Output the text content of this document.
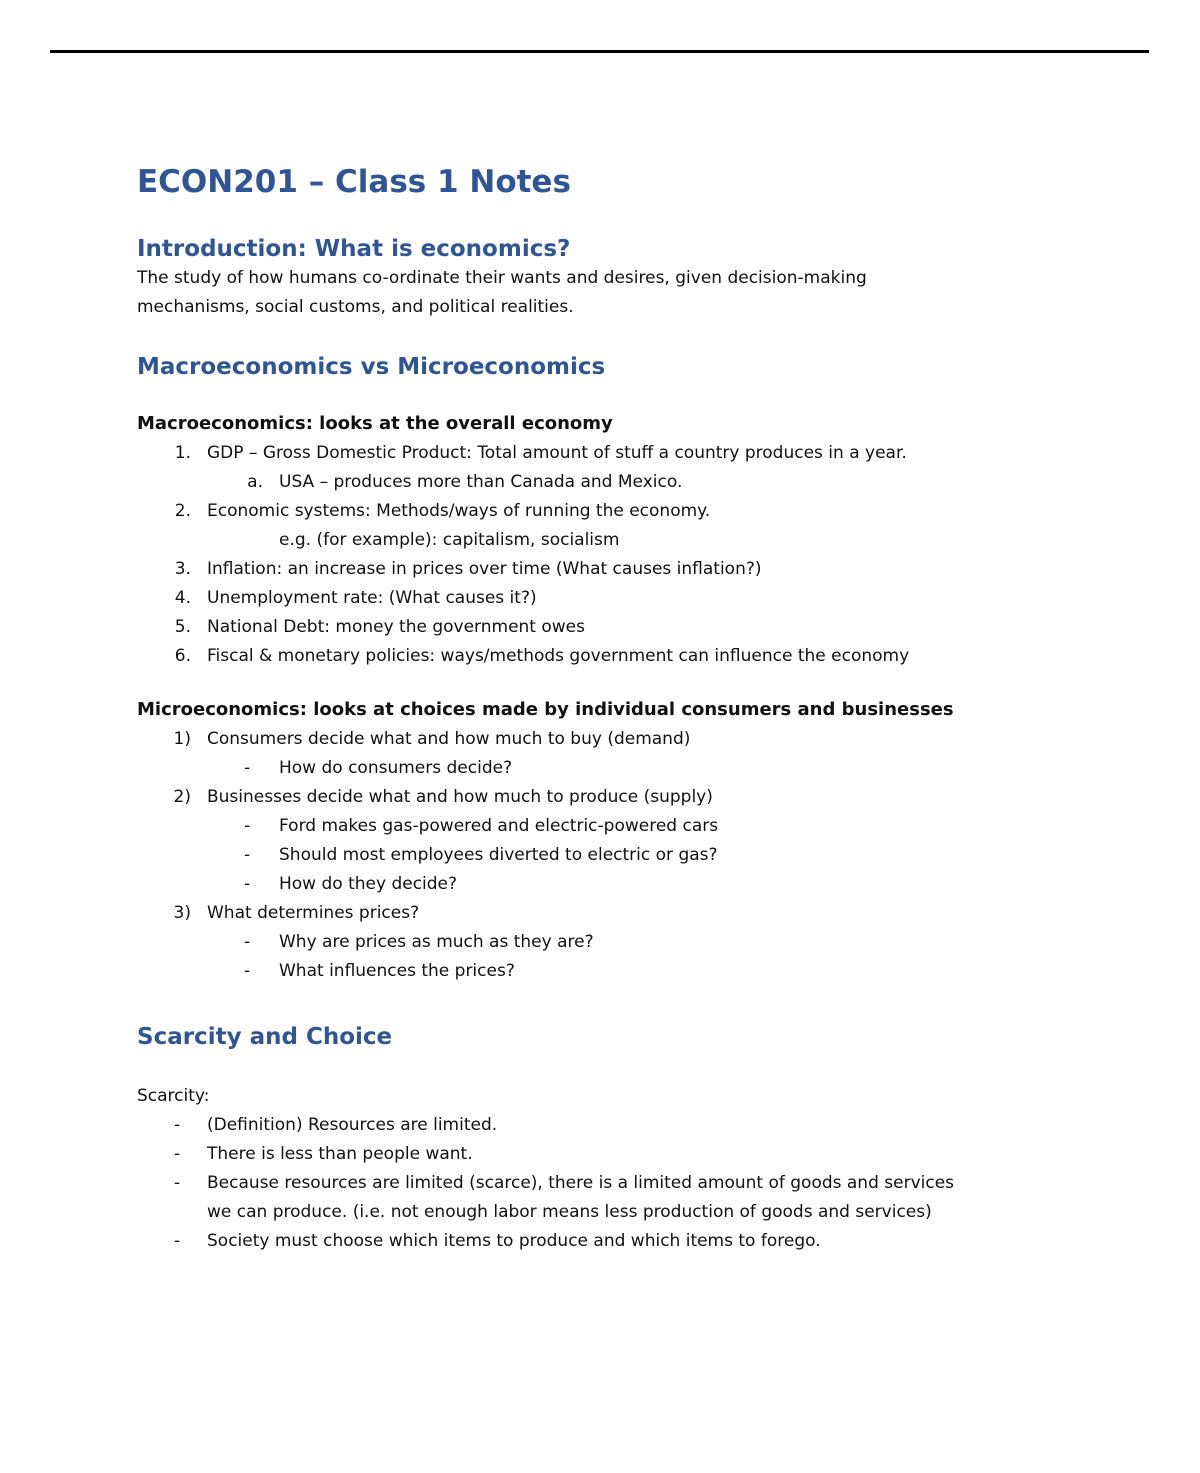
ECON201 – Class 1 Notes
Introduction: What is economics?

The study of how humans co-ordinate their wants and desires, given decision-making

mechanisms, social customs, and political realities.

Macroeconomics vs Microeconomics

Macroeconomics: looks at the overall economy

1. GDP – Gross Domestic Product: Total amount of stuff a country produces in a year.
a. USA – produces more than Canada and Mexico.
2. Economic systems: Methods/ways of running the economy.
e.g. (for example): capitalism, socialism
3. Inflation: an increase in prices over time (What causes inflation?)
4. Unemployment rate: (What causes it?)
5. National Debt: money the government owes
6. Fiscal & monetary policies: ways/methods government can influence the economy

Microeconomics: looks at choices made by individual consumers and businesses

1) Consumers decide what and how much to buy (demand)
-	How do consumers decide?
2) Businesses decide what and how much to produce (supply)
-	Ford makes gas-powered and electric-powered cars
-	Should most employees diverted to electric or gas?
-	How do they decide?
3) What determines prices?
-	Why are prices as much as they are?
-	What influences the prices?
Scarcity and Choice

Scarcity:

-	(Definition) Resources are limited.
-	There is less than people want.
-	Because resources are limited (scarce), there is a limited amount of goods and services
we can produce. (i.e. not enough labor means less production of goods and services)
-	Society must choose which items to produce and which items to forego.
